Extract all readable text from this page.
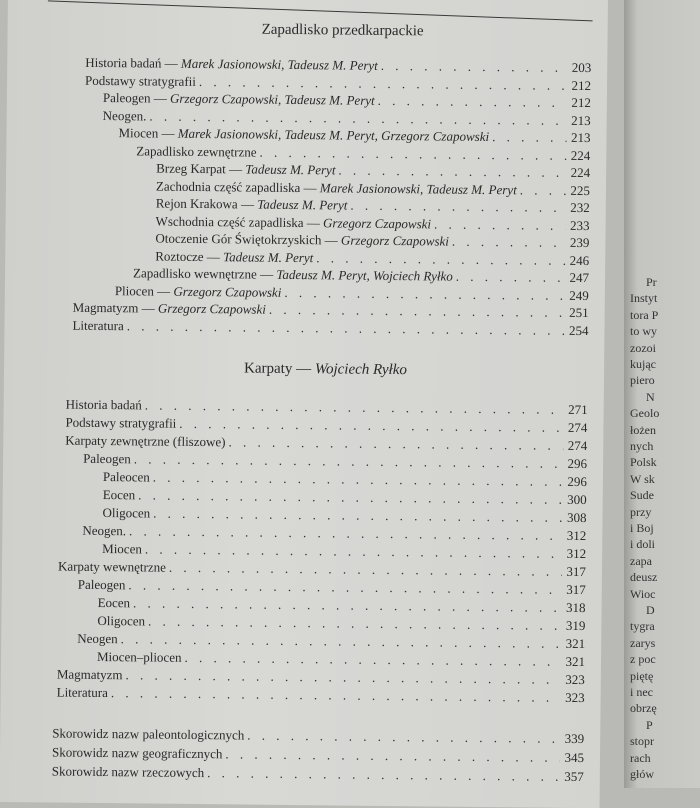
Zapadlisko przedkarpackie
Historia badań — Marek Jasionowski, Tadeusz M. Peryt . . .	203
Podstawy stratygrafii . . .	212
Paleogen — Grzegorz Czapowski, Tadeusz M. Peryt . . .	212
Neogen. . . .	213
Miocen — Marek Jasionowski, Tadeusz M. Peryt, Grzegorz Czapowski . . .	213
Zapadlisko zewnętrzne . . .	224
Brzeg Karpat — Tadeusz M. Peryt . . .	224
Zachodnia część zapadliska — Marek Jasionowski, Tadeusz M. Peryt . . .	225
Rejon Krakowa — Tadeusz M. Peryt . . .	232
Wschodnia część zapadliska — Grzegorz Czapowski . . .	233
Otoczenie Gór Świętokrzyskich — Grzegorz Czapowski . . .	239
Roztocze — Tadeusz M. Peryt . . .	246
Zapadlisko wewnętrzne — Tadeusz M. Peryt, Wojciech Ryłko . . .	247
Pliocen — Grzegorz Czapowski . . .	249
Magmatyzm — Grzegorz Czapowski . . .	251
Literatura . . .	254
Karpaty — Wojciech Ryłko
Historia badań . . .	271
Podstawy stratygrafii . . .	274
Karpaty zewnętrzne (fliszowe) . . .	274
Paleogen . . .	296
Paleocen . . .	296
Eocen . . .	300
Oligocen . . .	308
Neogen. . . .	312
Miocen . . .	312
Karpaty wewnętrzne . . .	317
Paleogen . . .	317
Eocen . . .	318
Oligocen . . .	319
Neogen . . .	321
Miocen–pliocen . . .	321
Magmatyzm . . .	323
Literatura . . .	323
Skorowidz nazw paleontologicznych . . .	339
Skorowidz nazw geograficznych . . .	345
Skorowidz nazw rzeczowych . . .	357
Pr
Instyt
tora P
to wy
zozoi
kując
piero
N
Geolo
łożen
nych
Polsk
W sk
Sude
przy
i Boj
i doli
zapa
deusz
Wioc
D
tygra
zarys
z poc
piętę
i nec
obrzę
P
stopr
rach
głów
